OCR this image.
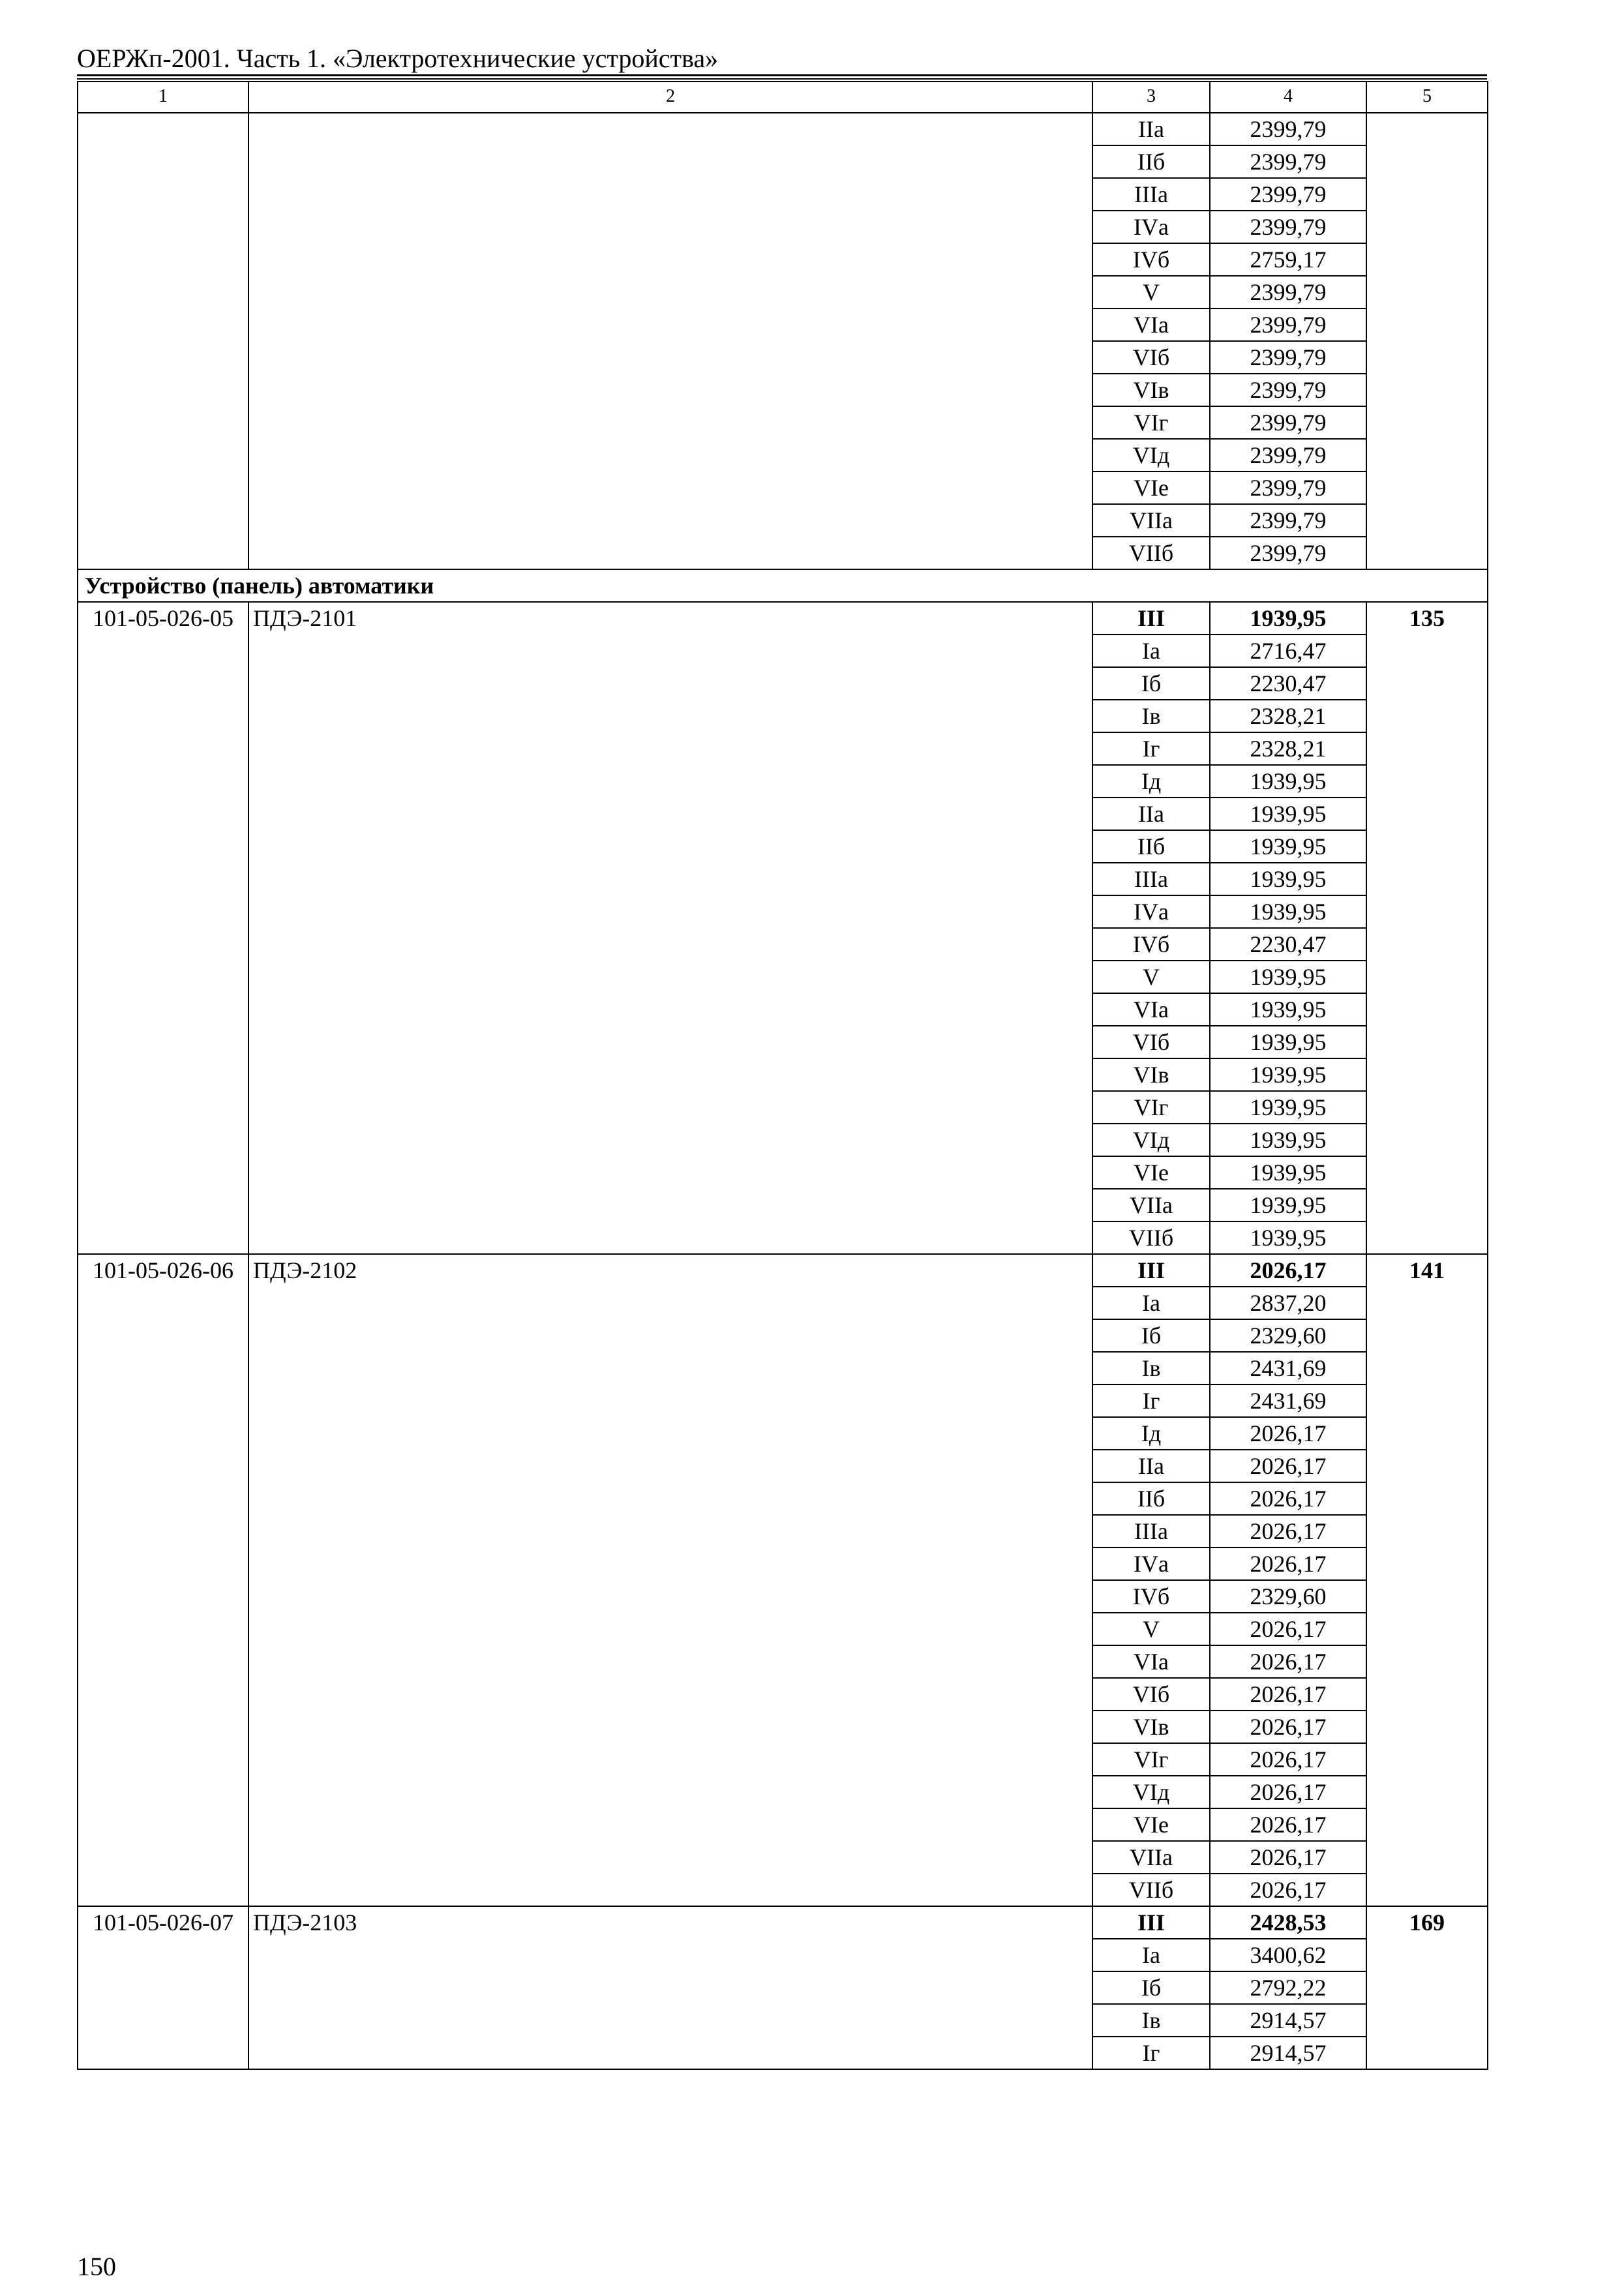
ОЕРЖп-2001. Часть 1. «Электротехнические устройства»
1	2	3	4	5
		IIа	2399,79	
		IIб	2399,79	
		IIIа	2399,79	
		IVа	2399,79	
		IVб	2759,17	
		V	2399,79	
		VIа	2399,79	
		VIб	2399,79	
		VIв	2399,79	
		VIг	2399,79	
		VIд	2399,79	
		VIе	2399,79	
		VIIа	2399,79	
		VIIб	2399,79	
Устройство (панель) автоматики				
101-05-026-05	ПДЭ-2101	III	1939,95	135
		Iа	2716,47	
		Iб	2230,47	
		Iв	2328,21	
		Iг	2328,21	
		Iд	1939,95	
		IIа	1939,95	
		IIб	1939,95	
		IIIа	1939,95	
		IVа	1939,95	
		IVб	2230,47	
		V	1939,95	
		VIа	1939,95	
		VIб	1939,95	
		VIв	1939,95	
		VIг	1939,95	
		VIд	1939,95	
		VIе	1939,95	
		VIIа	1939,95	
		VIIб	1939,95	
101-05-026-06	ПДЭ-2102	III	2026,17	141
		Iа	2837,20	
		Iб	2329,60	
		Iв	2431,69	
		Iг	2431,69	
		Iд	2026,17	
		IIа	2026,17	
		IIб	2026,17	
		IIIа	2026,17	
		IVа	2026,17	
		IVб	2329,60	
		V	2026,17	
		VIа	2026,17	
		VIб	2026,17	
		VIв	2026,17	
		VIг	2026,17	
		VIд	2026,17	
		VIе	2026,17	
		VIIа	2026,17	
		VIIб	2026,17	
101-05-026-07	ПДЭ-2103	III	2428,53	169
		Iа	3400,62	
		Iб	2792,22	
		Iв	2914,57	
		Iг	2914,57	
150
